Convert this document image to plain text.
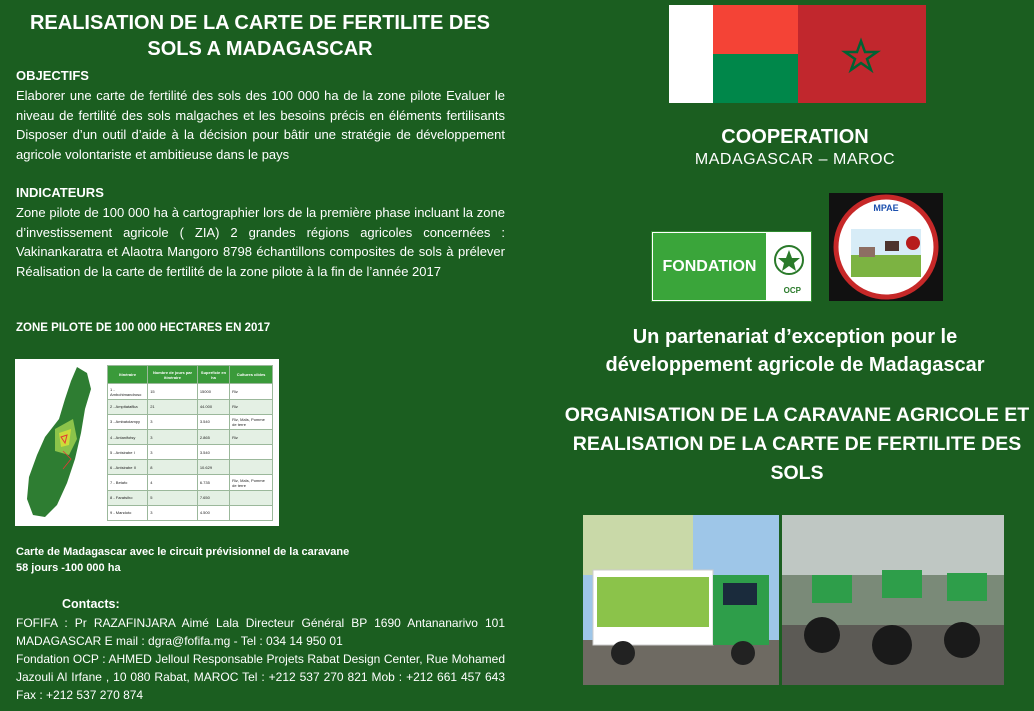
REALISATION DE LA CARTE DE FERTILITE DES SOLS A MADAGASCAR
OBJECTIFS
Elaborer une carte de fertilité des sols des 100 000 ha de la zone pilote Evaluer le niveau de fertilité des sols malgaches et les besoins précis en éléments fertilisants Disposer d’un outil d’aide à la décision pour bâtir une stratégie de développement agricole volontariste et ambitieuse dans le pays
INDICATEURS
Zone pilote de 100 000 ha à cartographier lors de la première phase incluant la zone d’investissement agricole ( ZIA) 2 grandes régions agricoles concernées : Vakinankaratra et Alaotra Mangoro 8798 échantillons composites de sols à prélever Réalisation de la carte de fertilité de la zone pilote à la fin de l’année 2017
ZONE PILOTE DE 100 000 HECTARES EN 2017
Itinéraire	Nombre de jours par itinéraire	Superficie en ha	Cultures cibles
1 - Ambohimandroso	15	15000	Riz
2 - Ampitatafika	21	44.000	Riz
3 - Ambatolampy	3	3.540	Riz, Maïs, Pomme de terre
4 - Antanifotsy	3	2.865	Riz
5 - Antsirabe I	3	3.540	
6 - Antsirabe II	8	10.629	
7 - Betafo	4	6.735	Riz, Maïs, Pomme de terre
8 - Faratsiho	5	7.650	
9 - Mandoto	3	4.500	
Carte de Madagascar avec le circuit prévisionnel de la caravane
58 jours -100 000 ha
Contacts:
FOFIFA : Pr RAZAFINJARA Aimé Lala Directeur Général BP 1690 Antananarivo 101 MADAGASCAR E mail : dgra@fofifa.mg - Tel : 034 14 950 01
Fondation OCP : AHMED Jelloul Responsable Projets Rabat Design Center, Rue Mohamed Jazouli Al Irfane , 10 080 Rabat, MAROC Tel : +212 537 270 821 Mob : +212 661 457 643 Fax : +212 537 270 874
COOPERATION
MADAGASCAR – MAROC
FONDATION
OCP
MPAE
Un partenariat d’exception pour le développement agricole de Madagascar
ORGANISATION DE LA CARAVANE AGRICOLE ET REALISATION DE LA CARTE DE FERTILITE DES SOLS
